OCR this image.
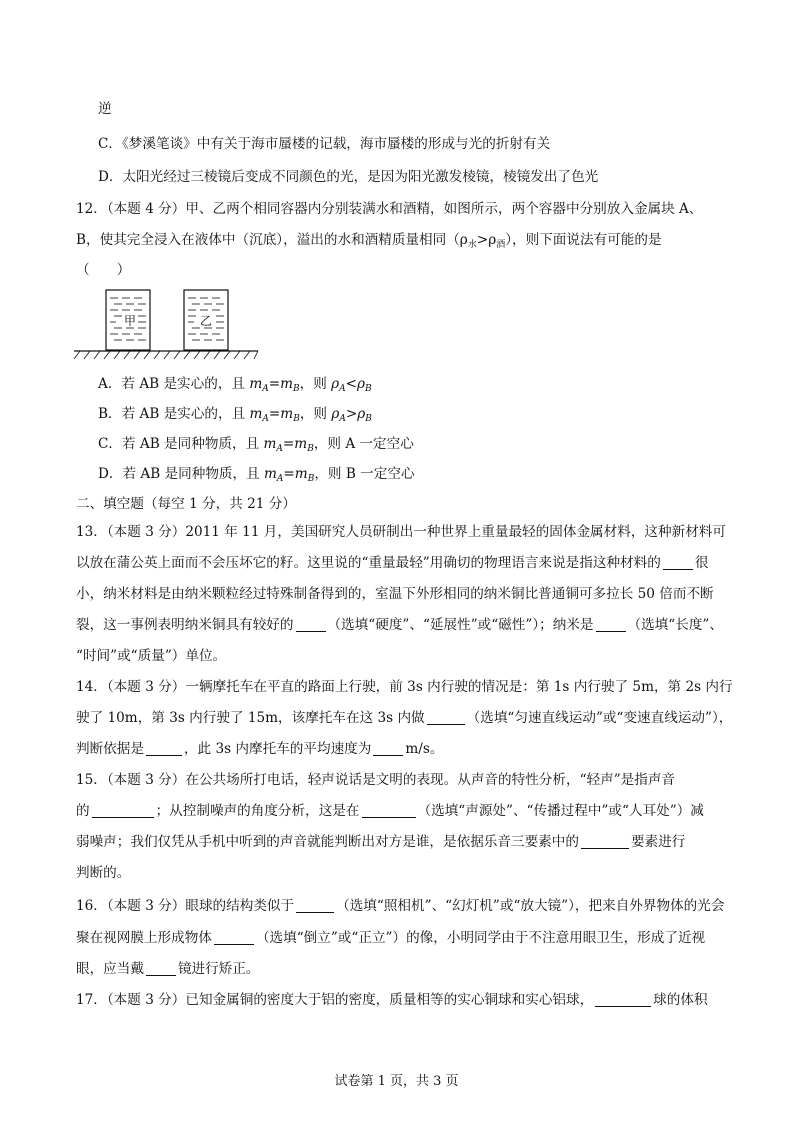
逆
C．《梦溪笔谈》中有关于海市蜃楼的记载，海市蜃楼的形成与光的折射有关
D．太阳光经过三棱镜后变成不同颜色的光，是因为阳光激发棱镜，棱镜发出了色光
12．（本题 4 分）甲、乙两个相同容器内分别装满水和酒精，如图所示，两个容器中分别放入金属块 A、
B，使其完全浸入在液体中（沉底），溢出的水和酒精质量相同$(\rho_水>\rho_酒)$，则下面说法有可能的是
（　　）
甲	乙
A．若 AB 是实心的，且 $m_A=m_B$，则 $\rho_A<\rho_B$
B．若 AB 是实心的，且 $m_A=m_B$，则 $\rho_A>\rho_B$
C．若 AB 是同种物质，且 $m_A=m_B$，则 A 一定空心
D．若 AB 是同种物质，且 $m_A=m_B$，则 B 一定空心
二、填空题（每空 1 分，共 21 分）
13．（本题 3 分）2011 年 11 月，美国研究人员研制出一种世界上重量最轻的固体金属材料，这种新材料可
以放在蒲公英上面而不会压坏它的籽。这里说的“重量最轻”用确切的物理语言来说是指这种材料的	很
小，纳米材料是由纳米颗粒经过特殊制备得到的，室温下外形相同的纳米铜比普通铜可多拉长 50 倍而不断
裂，这一事例表明纳米铜具有较好的	（选填“硬度”、“延展性”或“磁性”）；纳米是	（选填“长度”、
“时间”或“质量”）单位。
14．（本题 3 分）一辆摩托车在平直的路面上行驶，前 3s 内行驶的情况是：第 1s 内行驶了 5m，第 2s 内行
驶了 10m，第 3s 内行驶了 15m，该摩托车在这 3s 内做	（选填“匀速直线运动”或“变速直线运动”），
判断依据是	，此 3s 内摩托车的平均速度为	m/s。
15．（本题 3 分）在公共场所打电话，轻声说话是文明的表现。从声音的特性分析，“轻声”是指声音
的	；从控制噪声的角度分析，这是在	（选填“声源处”、“传播过程中”或“人耳处”）减
弱噪声；我们仅凭从手机中听到的声音就能判断出对方是谁，是依据乐音三要素中的	要素进行
判断的。
16．（本题 3 分）眼球的结构类似于	（选填“照相机”、“幻灯机”或“放大镜”），把来自外界物体的光会
聚在视网膜上形成物体	（选填“倒立”或“正立”）的像，小明同学由于不注意用眼卫生，形成了近视
眼，应当戴	镜进行矫正。
17．（本题 3 分）已知金属铜的密度大于铝的密度，质量相等的实心铜球和实心铝球，	球的体积
试卷第 1 页，共 3 页
